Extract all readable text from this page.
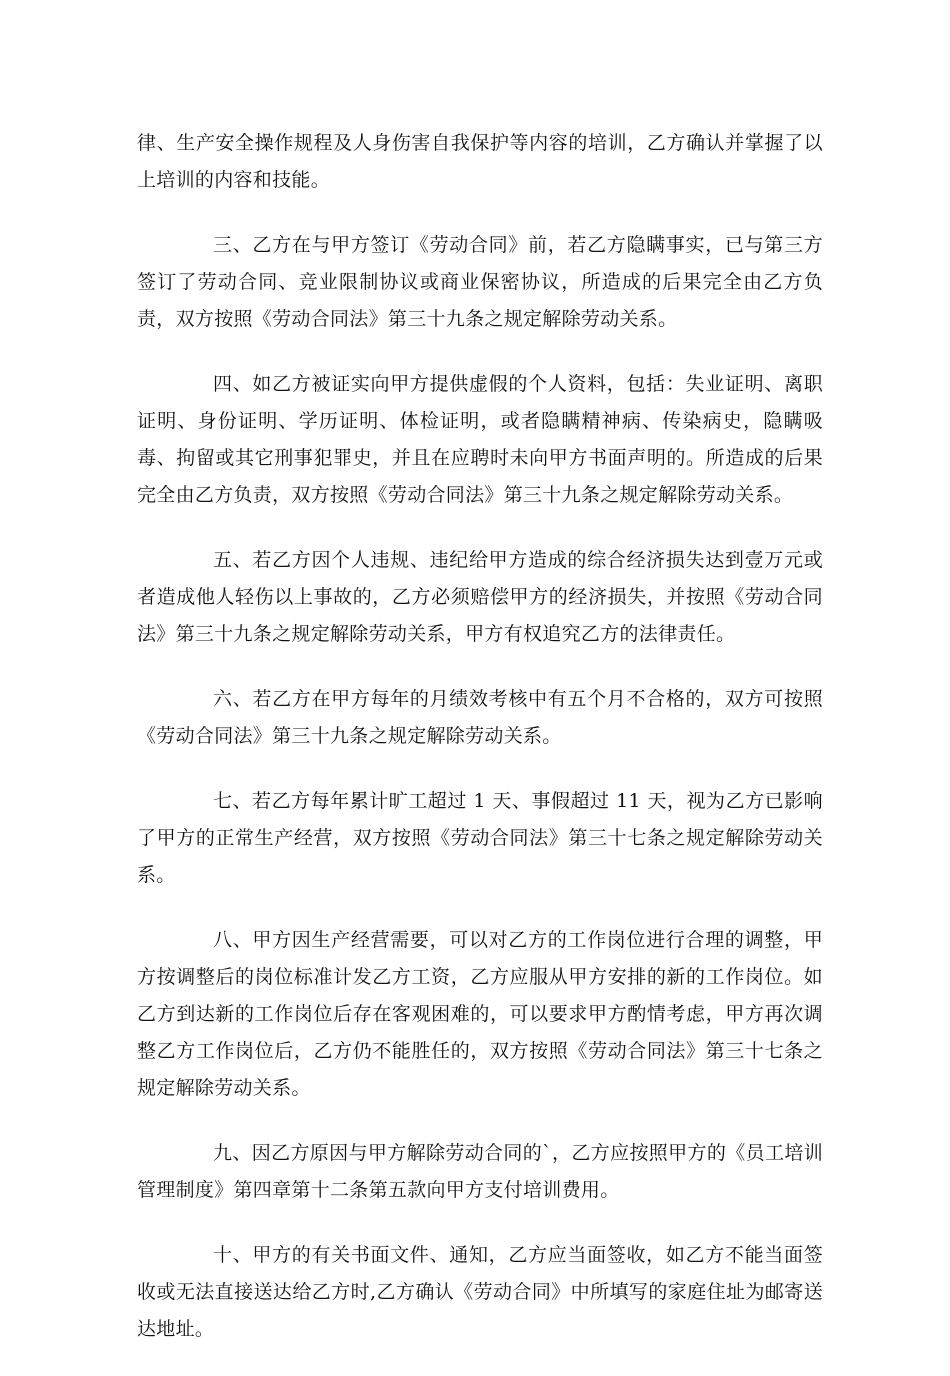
律、生产安全操作规程及人身伤害自我保护等内容的培训，乙方确认并掌握了以上培训的内容和技能。

三、乙方在与甲方签订《劳动合同》前，若乙方隐瞒事实，已与第三方签订了劳动合同、竞业限制协议或商业保密协议，所造成的后果完全由乙方负责，双方按照《劳动合同法》第三十九条之规定解除劳动关系。

四、如乙方被证实向甲方提供虚假的个人资料，包括：失业证明、离职证明、身份证明、学历证明、体检证明，或者隐瞒精神病、传染病史，隐瞒吸毒、拘留或其它刑事犯罪史，并且在应聘时未向甲方书面声明的。所造成的后果完全由乙方负责，双方按照《劳动合同法》第三十九条之规定解除劳动关系。

五、若乙方因个人违规、违纪给甲方造成的综合经济损失达到壹万元或者造成他人轻伤以上事故的，乙方必须赔偿甲方的经济损失，并按照《劳动合同法》第三十九条之规定解除劳动关系，甲方有权追究乙方的法律责任。

六、若乙方在甲方每年的月绩效考核中有五个月不合格的，双方可按照《劳动合同法》第三十九条之规定解除劳动关系。

七、若乙方每年累计旷工超过 1 天、事假超过 11 天，视为乙方已影响了甲方的正常生产经营，双方按照《劳动合同法》第三十七条之规定解除劳动关系。

八、甲方因生产经营需要，可以对乙方的工作岗位进行合理的调整，甲方按调整后的岗位标准计发乙方工资，乙方应服从甲方安排的新的工作岗位。如乙方到达新的工作岗位后存在客观困难的，可以要求甲方酌情考虑，甲方再次调整乙方工作岗位后，乙方仍不能胜任的，双方按照《劳动合同法》第三十七条之规定解除劳动关系。

九、因乙方原因与甲方解除劳动合同的`，乙方应按照甲方的《员工培训管理制度》第四章第十二条第五款向甲方支付培训费用。

十、甲方的有关书面文件、通知，乙方应当面签收，如乙方不能当面签收或无法直接送达给乙方时,乙方确认《劳动合同》中所填写的家庭住址为邮寄送达地址。
